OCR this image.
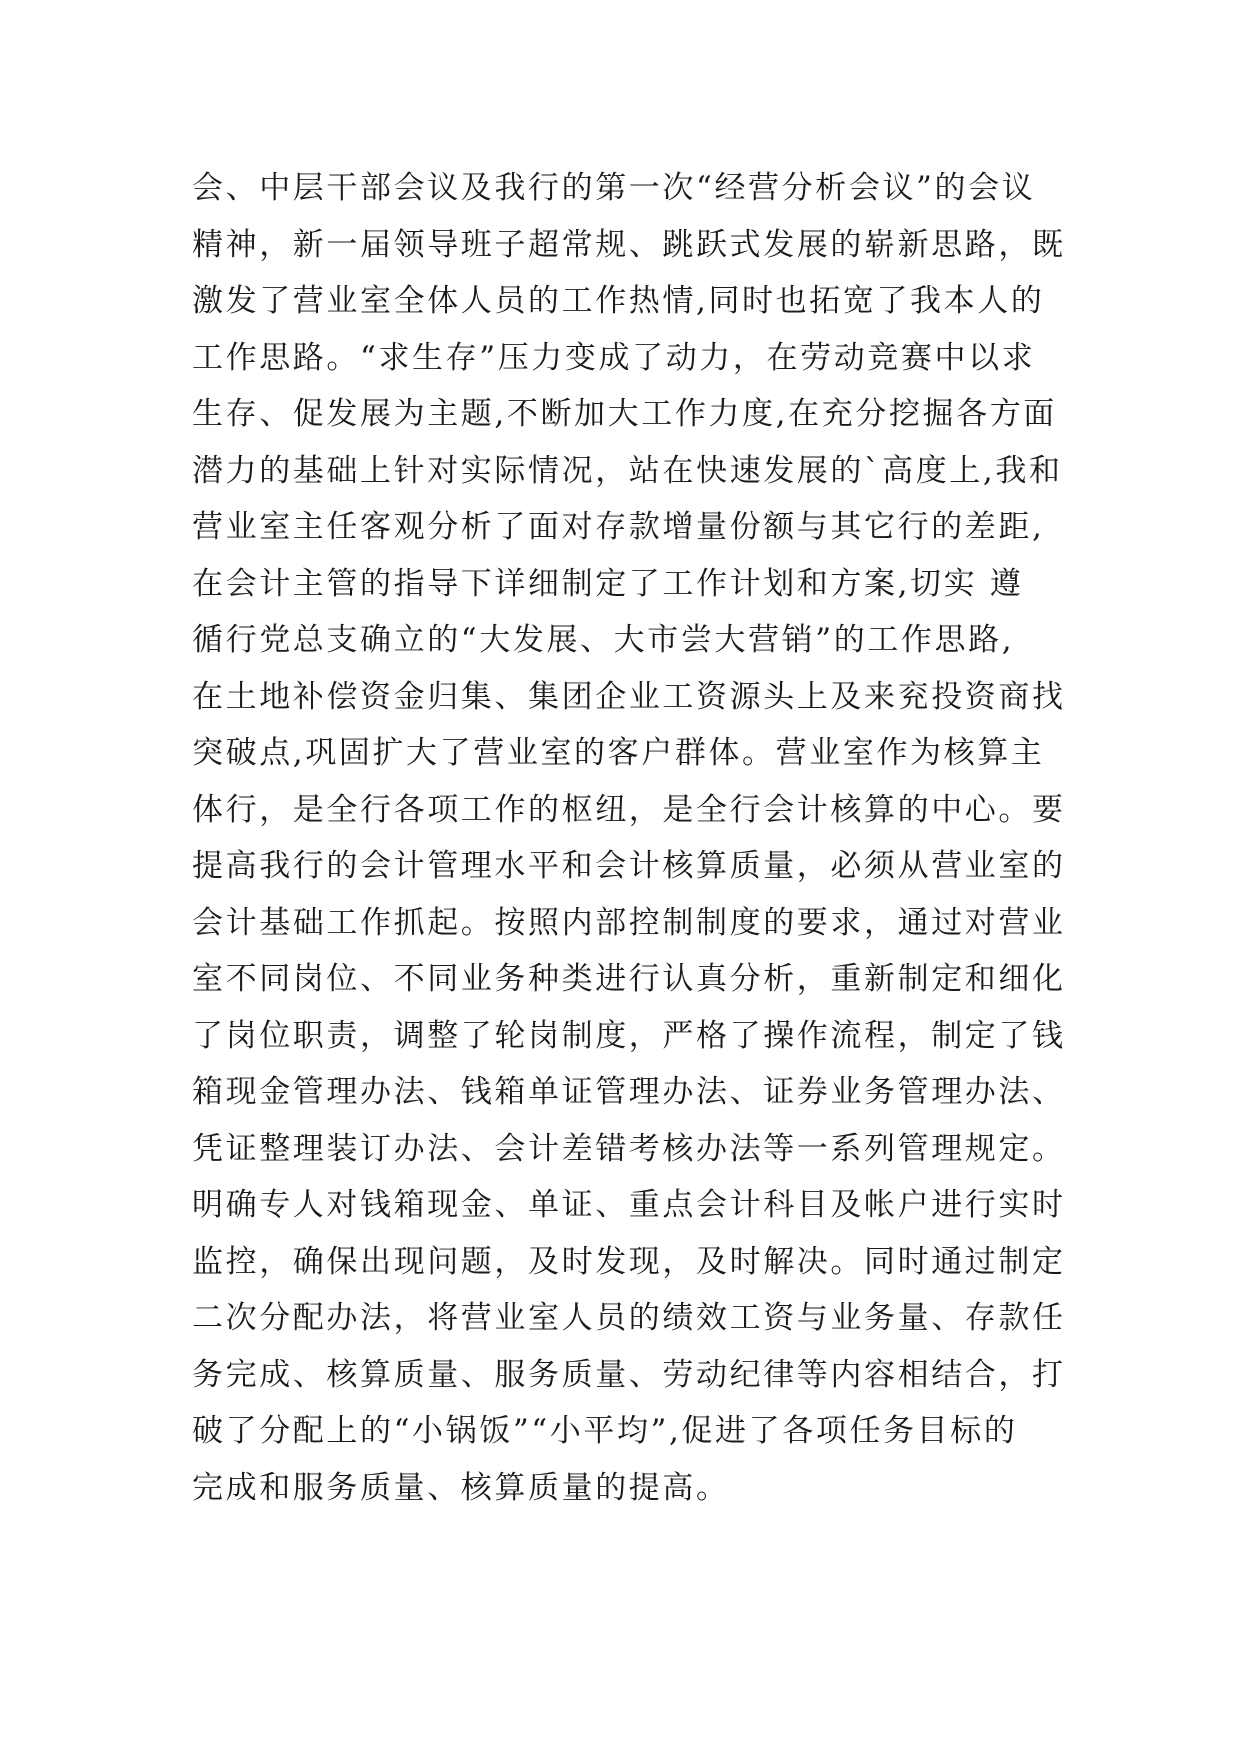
会、中层干部会议及我行的第一次“经营分析会议”的会议
精神，新一届领导班子超常规、跳跃式发展的崭新思路，既
激发了营业室全体人员的工作热情,同时也拓宽了我本人的
工作思路。“求生存”压力变成了动力，在劳动竞赛中以求
生存、促发展为主题,不断加大工作力度,在充分挖掘各方面
潜力的基础上针对实际情况，站在快速发展的`高度上,我和
营业室主任客观分析了面对存款增量份额与其它行的差距,
在会计主管的指导下详细制定了工作计划和方案,切实 遵
循行党总支确立的“大发展、大市尝大营销”的工作思路,
在土地补偿资金归集、集团企业工资源头上及来兖投资商找
突破点,巩固扩大了营业室的客户群体。营业室作为核算主
体行，是全行各项工作的枢纽，是全行会计核算的中心。要
提高我行的会计管理水平和会计核算质量，必须从营业室的
会计基础工作抓起。按照内部控制制度的要求，通过对营业
室不同岗位、不同业务种类进行认真分析，重新制定和细化
了岗位职责，调整了轮岗制度，严格了操作流程，制定了钱
箱现金管理办法、钱箱单证管理办法、证券业务管理办法、
凭证整理装订办法、会计差错考核办法等一系列管理规定。
明确专人对钱箱现金、单证、重点会计科目及帐户进行实时
监控，确保出现问题，及时发现，及时解决。同时通过制定
二次分配办法，将营业室人员的绩效工资与业务量、存款任
务完成、核算质量、服务质量、劳动纪律等内容相结合，打
破了分配上的“小锅饭”“小平均”,促进了各项任务目标的
完成和服务质量、核算质量的提高。
